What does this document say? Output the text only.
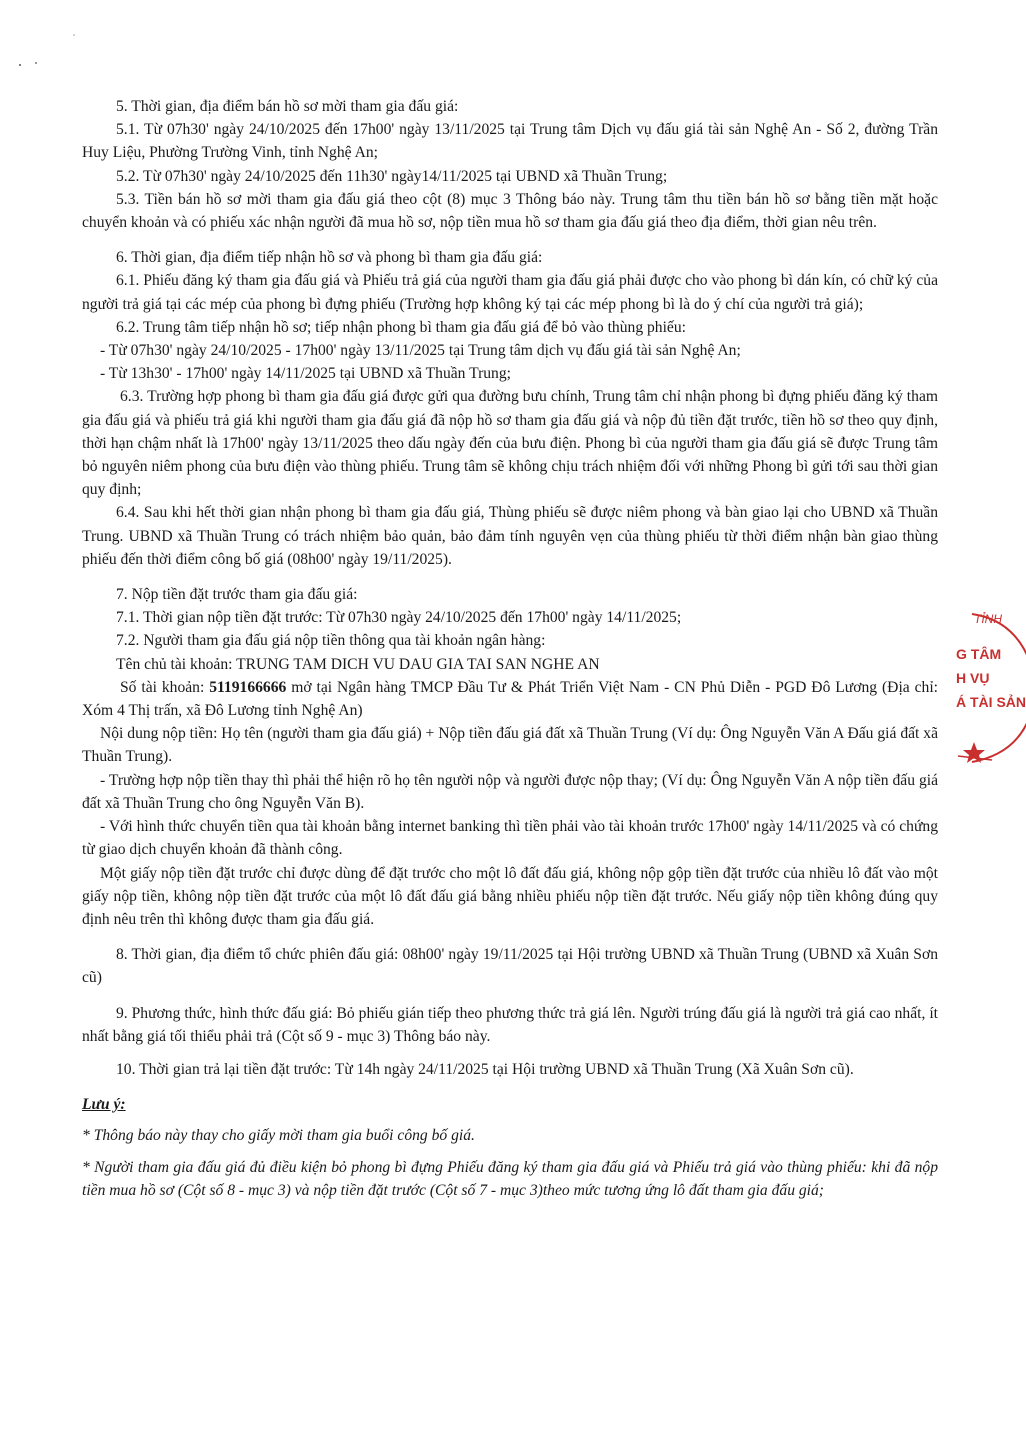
5. Thời gian, địa điểm bán hồ sơ mời tham gia đấu giá:

5.1. Từ 07h30' ngày 24/10/2025 đến 17h00' ngày 13/11/2025 tại Trung tâm Dịch vụ đấu giá tài sản Nghệ An - Số 2, đường Trần Huy Liệu, Phường Trường Vinh, tỉnh Nghệ An;

5.2. Từ 07h30' ngày 24/10/2025 đến 11h30' ngày14/11/2025 tại UBND xã Thuần Trung;

5.3. Tiền bán hồ sơ mời tham gia đấu giá theo cột (8) mục 3 Thông báo này. Trung tâm thu tiền bán hồ sơ bằng tiền mặt hoặc chuyển khoản và có phiếu xác nhận người đã mua hồ sơ, nộp tiền mua hồ sơ tham gia đấu giá theo địa điểm, thời gian nêu trên.

6. Thời gian, địa điểm tiếp nhận hồ sơ và phong bì tham gia đấu giá:

6.1. Phiếu đăng ký tham gia đấu giá và Phiếu trả giá của người tham gia đấu giá phải được cho vào phong bì dán kín, có chữ ký của người trả giá tại các mép của phong bì đựng phiếu (Trường hợp không ký tại các mép phong bì là do ý chí của người trả giá);

6.2. Trung tâm tiếp nhận hồ sơ; tiếp nhận phong bì tham gia đấu giá để bỏ vào thùng phiếu:

- Từ 07h30' ngày 24/10/2025 - 17h00' ngày 13/11/2025 tại Trung tâm dịch vụ đấu giá tài sản Nghệ An;

- Từ 13h30' - 17h00' ngày 14/11/2025 tại UBND xã Thuần Trung;

6.3. Trường hợp phong bì tham gia đấu giá được gửi qua đường bưu chính, Trung tâm chỉ nhận phong bì đựng phiếu đăng ký tham gia đấu giá và phiếu trả giá khi người tham gia đấu giá đã nộp hồ sơ tham gia đấu giá và nộp đủ tiền đặt trước, tiền hồ sơ theo quy định, thời hạn chậm nhất là 17h00' ngày 13/11/2025 theo dấu ngày đến của bưu điện. Phong bì của người tham gia đấu giá sẽ được Trung tâm bỏ nguyên niêm phong của bưu điện vào thùng phiếu. Trung tâm sẽ không chịu trách nhiệm đối với những Phong bì gửi tới sau thời gian quy định;

6.4. Sau khi hết thời gian nhận phong bì tham gia đấu giá, Thùng phiếu sẽ được niêm phong và bàn giao lại cho UBND xã Thuần Trung. UBND xã Thuần Trung có trách nhiệm bảo quản, bảo đảm tính nguyên vẹn của thùng phiếu từ thời điểm nhận bàn giao thùng phiếu đến thời điểm công bố giá (08h00' ngày 19/11/2025).

7. Nộp tiền đặt trước tham gia đấu giá:

7.1. Thời gian nộp tiền đặt trước: Từ 07h30 ngày 24/10/2025 đến 17h00' ngày 14/11/2025;

7.2. Người tham gia đấu giá nộp tiền thông qua tài khoản ngân hàng:

Tên chủ tài khoản: TRUNG TAM DICH VU DAU GIA TAI SAN NGHE AN

Số tài khoản: 5119166666 mở tại Ngân hàng TMCP Đầu Tư & Phát Triển Việt Nam - CN Phủ Diễn - PGD Đô Lương (Địa chỉ: Xóm 4 Thị trấn, xã Đô Lương tỉnh Nghệ An)

Nội dung nộp tiền: Họ tên (người tham gia đấu giá) + Nộp tiền đấu giá đất xã Thuần Trung (Ví dụ: Ông Nguyễn Văn A Đấu giá đất xã Thuần Trung).

- Trường hợp nộp tiền thay thì phải thể hiện rõ họ tên người nộp và người được nộp thay; (Ví dụ: Ông Nguyễn Văn A nộp tiền đấu giá đất xã Thuần Trung cho ông Nguyễn Văn B).

- Với hình thức chuyển tiền qua tài khoản bằng internet banking thì tiền phải vào tài khoản trước 17h00' ngày 14/11/2025 và có chứng từ giao dịch chuyển khoản đã thành công.

Một giấy nộp tiền đặt trước chỉ được dùng để đặt trước cho một lô đất đấu giá, không nộp gộp tiền đặt trước của nhiều lô đất vào một giấy nộp tiền, không nộp tiền đặt trước của một lô đất đấu giá bằng nhiều phiếu nộp tiền đặt trước. Nếu giấy nộp tiền không đúng quy định nêu trên thì không được tham gia đấu giá.

8. Thời gian, địa điểm tổ chức phiên đấu giá: 08h00' ngày 19/11/2025 tại Hội trường UBND xã Thuần Trung (UBND xã Xuân Sơn cũ)

9. Phương thức, hình thức đấu giá: Bỏ phiếu gián tiếp theo phương thức trả giá lên. Người trúng đấu giá là người trả giá cao nhất, ít nhất bằng giá tối thiểu phải trả (Cột số 9 - mục 3) Thông báo này.

10. Thời gian trả lại tiền đặt trước: Từ 14h ngày 24/11/2025 tại Hội trường UBND xã Thuần Trung (Xã Xuân Sơn cũ).

Lưu ý:

* Thông báo này thay cho giấy mời tham gia buổi công bố giá.

* Người tham gia đấu giá đủ điều kiện bỏ phong bì đựng Phiếu đăng ký tham gia đấu giá và Phiếu trả giá vào thùng phiếu: khi đã nộp tiền mua hồ sơ (Cột số 8 - mục 3) và nộp tiền đặt trước (Cột số 7 - mục 3)theo mức tương ứng lô đất tham gia đấu giá;

TỈNH
G TÂM
H VỤ
Á TÀI SẢN
